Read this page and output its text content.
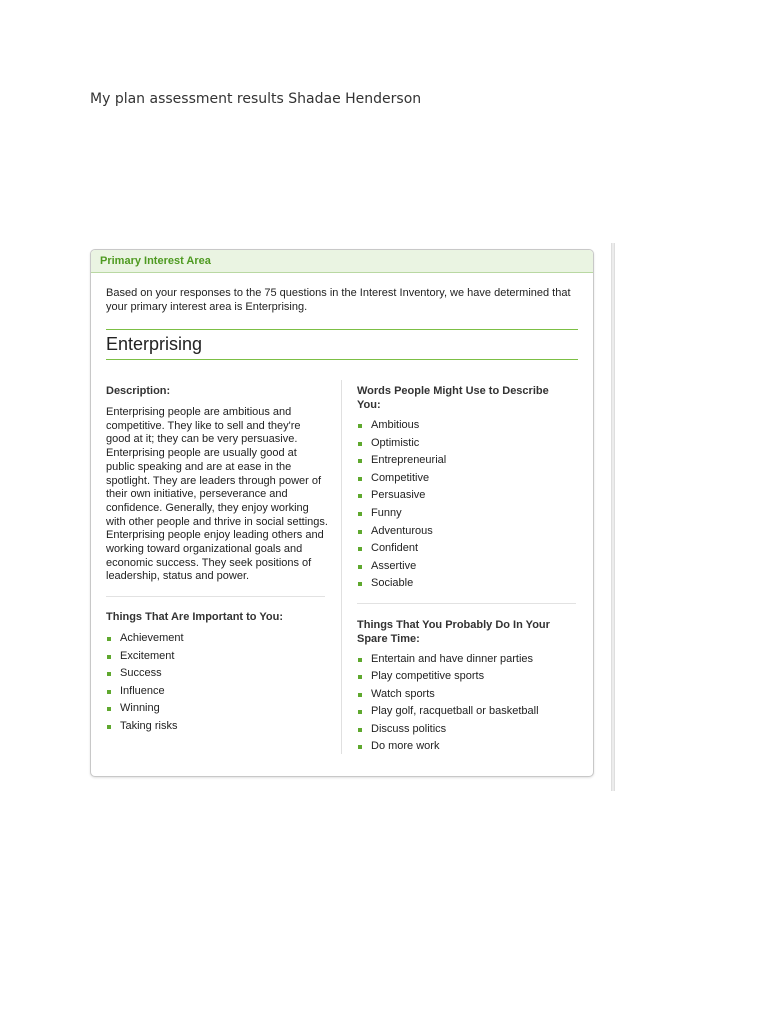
My plan assessment results Shadae Henderson
Primary Interest Area
Based on your responses to the 75 questions in the Interest Inventory, we have determined that your primary interest area is Enterprising.
Enterprising
Description:
Enterprising people are ambitious and competitive. They like to sell and they're good at it; they can be very persuasive. Enterprising people are usually good at public speaking and are at ease in the spotlight. They are leaders through power of their own initiative, perseverance and confidence. Generally, they enjoy working with other people and thrive in social settings. Enterprising people enjoy leading others and working toward organizational goals and economic success. They seek positions of leadership, status and power.
Things That Are Important to You:
Achievement
Excitement
Success
Influence
Winning
Taking risks
Words People Might Use to Describe You:
Ambitious
Optimistic
Entrepreneurial
Competitive
Persuasive
Funny
Adventurous
Confident
Assertive
Sociable
Things That You Probably Do In Your Spare Time:
Entertain and have dinner parties
Play competitive sports
Watch sports
Play golf, racquetball or basketball
Discuss politics
Do more work
